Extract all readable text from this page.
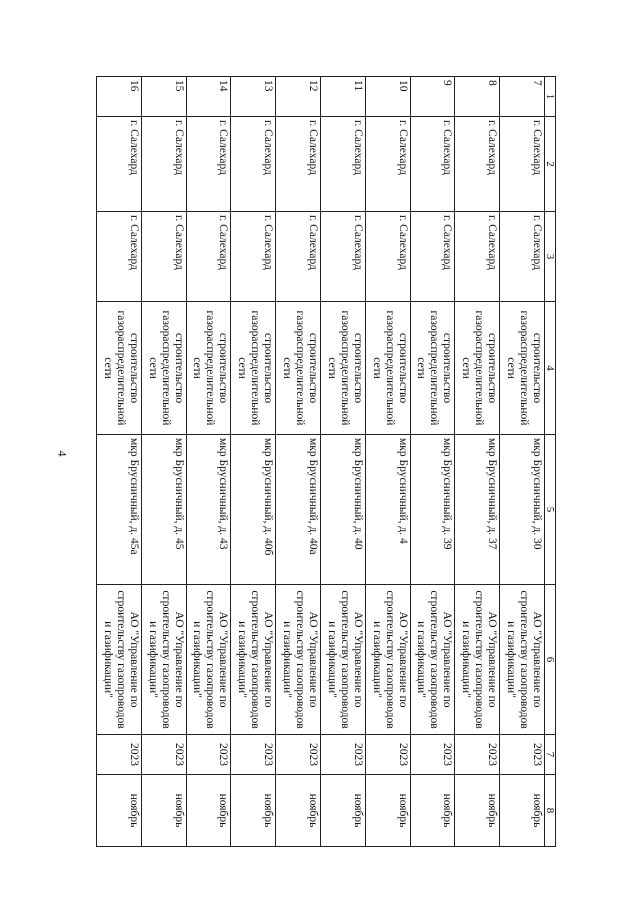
4
1	2	3	4	5	6	7	8
7	г. Салехард	г. Салехард	строительство газораспределительной сети	мкр Брусничный, д. 30	АО "Управление по строительству газопроводов и газификации"	2023	ноябрь
8	г. Салехард	г. Салехард	строительство газораспределительной сети	мкр Брусничный, д. 37	АО "Управление по строительству газопроводов и газификации"	2023	ноябрь
9	г. Салехард	г. Салехард	строительство газораспределительной сети	мкр Брусничный, д. 39	АО "Управление по строительству газопроводов и газификации"	2023	ноябрь
10	г. Салехард	г. Салехард	строительство газораспределительной сети	мкр Брусничный, д. 4	АО "Управление по строительству газопроводов и газификации"	2023	ноябрь
11	г. Салехард	г. Салехард	строительство газораспределительной сети	мкр Брусничный, д. 40	АО "Управление по строительству газопроводов и газификации"	2023	ноябрь
12	г. Салехард	г. Салехард	строительство газораспределительной сети	мкр Брусничный, д. 40а	АО "Управление по строительству газопроводов и газификации"	2023	ноябрь
13	г. Салехард	г. Салехард	строительство газораспределительной сети	мкр Брусничный, д. 40б	АО "Управление по строительству газопроводов и газификации"	2023	ноябрь
14	г. Салехард	г. Салехард	строительство газораспределительной сети	мкр Брусничный, д. 43	АО "Управление по строительству газопроводов и газификации"	2023	ноябрь
15	г. Салехард	г. Салехард	строительство газораспределительной сети	мкр Брусничный, д. 45	АО "Управление по строительству газопроводов и газификации"	2023	ноябрь
16	г. Салехард	г. Салехард	строительство газораспределительной сети	мкр Брусничный, д. 45а	АО "Управление по строительству газопроводов и газификации"	2023	ноябрь
